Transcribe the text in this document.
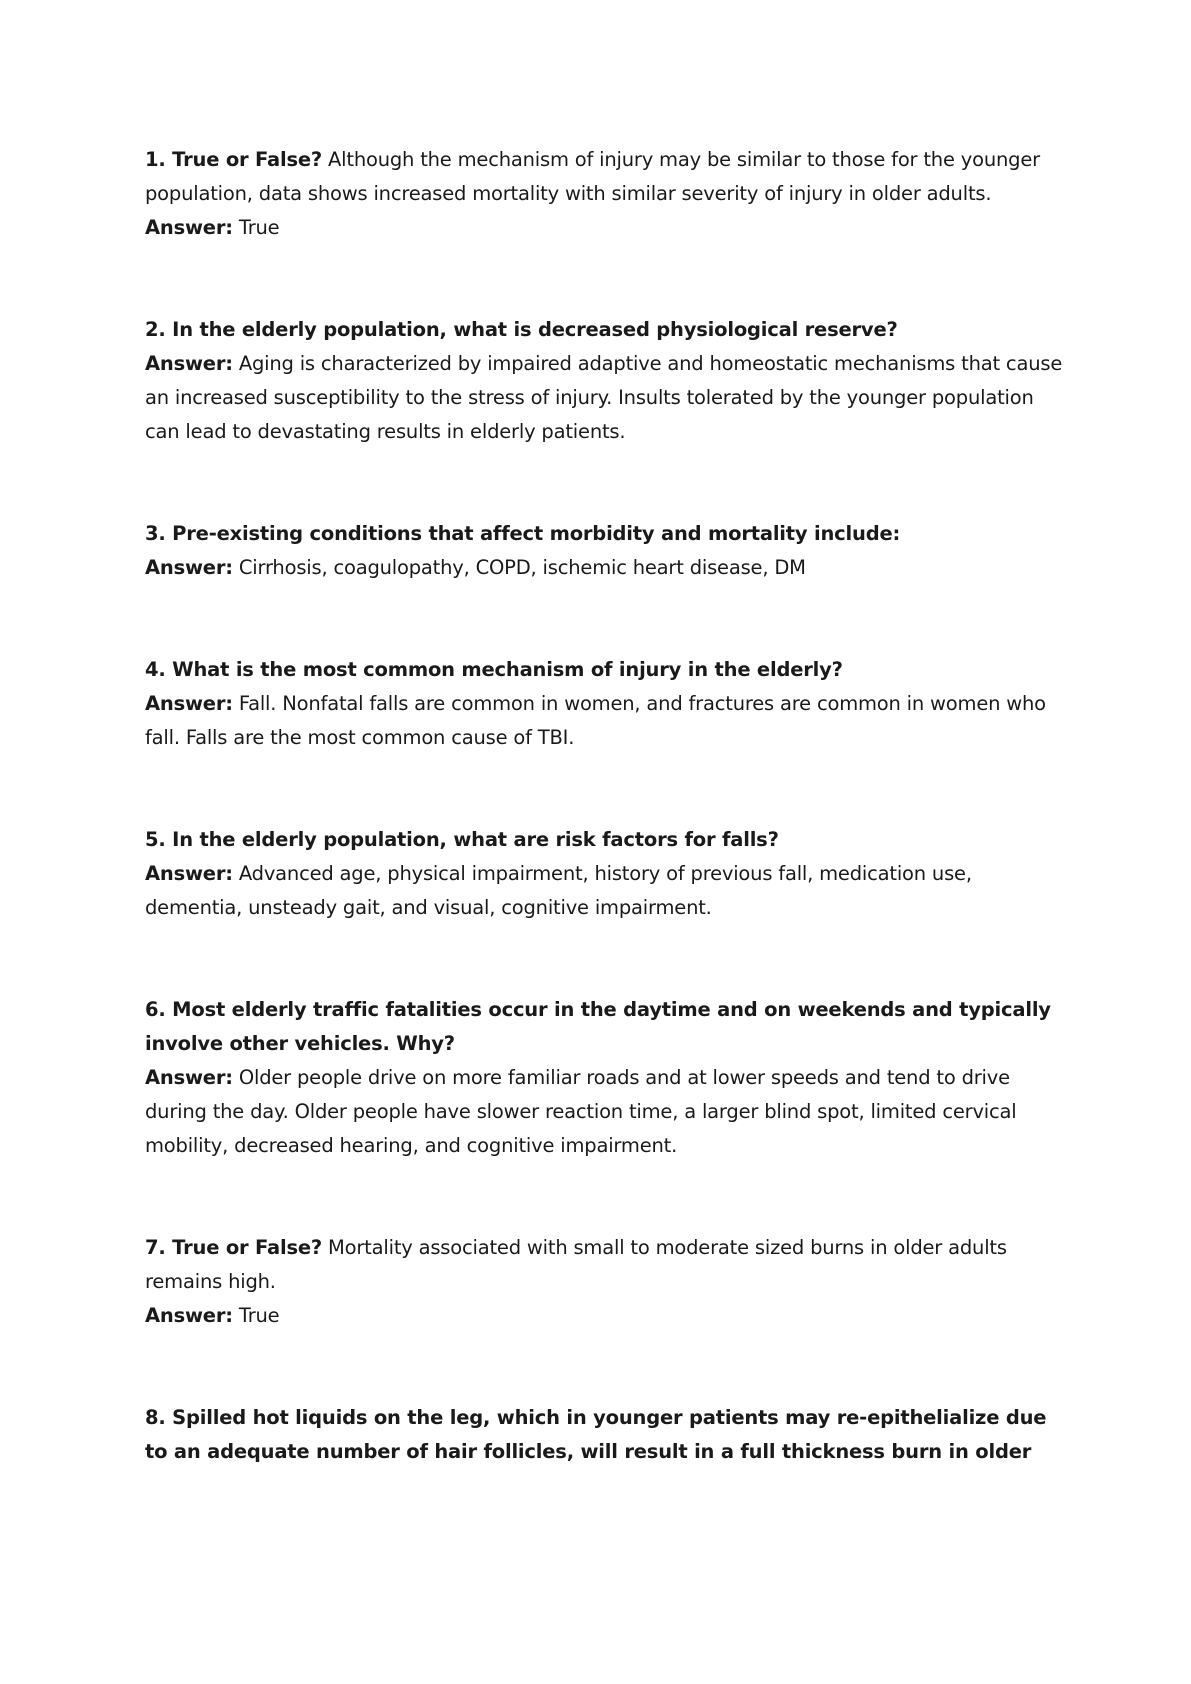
1. True or False? Although the mechanism of injury may be similar to those for the younger population, data shows increased mortality with similar severity of injury in older adults.

Answer: True

2. In the elderly population, what is decreased physiological reserve?

Answer: Aging is characterized by impaired adaptive and homeostatic mechanisms that cause an increased susceptibility to the stress of injury. Insults tolerated by the younger population can lead to devastating results in elderly patients.

3. Pre-existing conditions that affect morbidity and mortality include:

Answer: Cirrhosis, coagulopathy, COPD, ischemic heart disease, DM

4. What is the most common mechanism of injury in the elderly?

Answer: Fall. Nonfatal falls are common in women, and fractures are common in women who fall. Falls are the most common cause of TBI.

5. In the elderly population, what are risk factors for falls?

Answer: Advanced age, physical impairment, history of previous fall, medication use, dementia, unsteady gait, and visual, cognitive impairment.

6. Most elderly traffic fatalities occur in the daytime and on weekends and typically involve other vehicles. Why?

Answer: Older people drive on more familiar roads and at lower speeds and tend to drive during the day. Older people have slower reaction time, a larger blind spot, limited cervical mobility, decreased hearing, and cognitive impairment.

7. True or False? Mortality associated with small to moderate sized burns in older adults remains high.

Answer: True

8. Spilled hot liquids on the leg, which in younger patients may re-epithelialize due to an adequate number of hair follicles, will result in a full thickness burn in older
